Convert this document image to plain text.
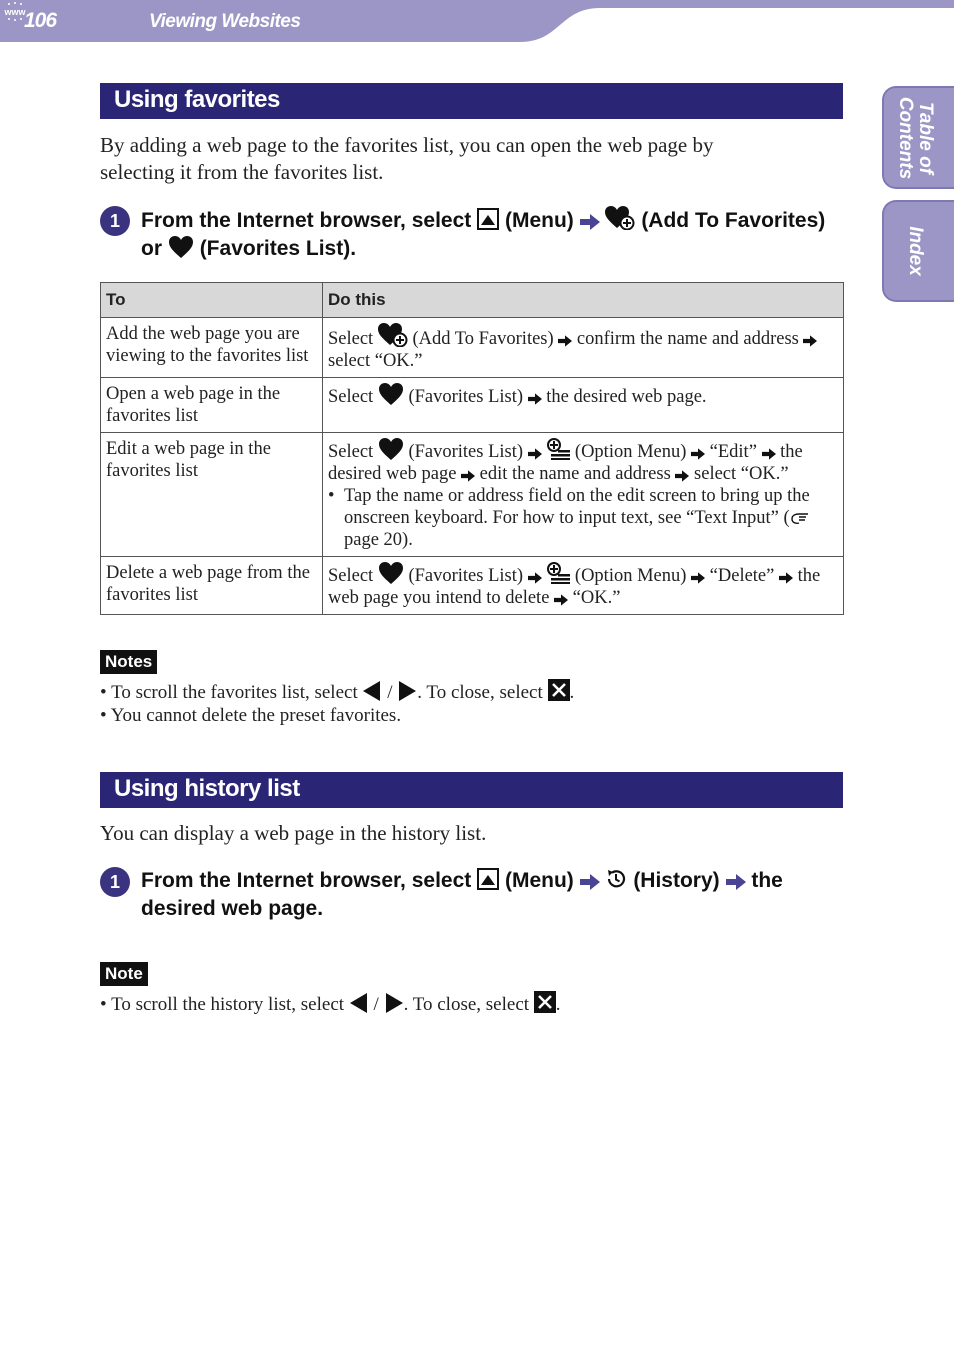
106
www	Viewing Websites
Table of
Contents
Index
Using favorites
By adding a web page to the favorites list, you can open the web page by
selecting it from the favorites list.
1	From the Internet browser, select (Menu)	(Add To Favorites)
or (Favorites List).
To	Do this
Add the web page you are viewing to the favorites list	Select (Add To Favorites) confirm the name and address  select “OK.”
Open a web page in the favorites list	Select (Favorites List) the desired web page.
Edit a web page in the favorites list	Select (Favorites List) (Option Menu) “Edit” the desired web page edit the name and address select “OK.”
• Tap the name or address field on the edit screen to bring up the onscreen keyboard. For how to input text, see “Text Input” (page 20).

Delete a web page from the favorites list	Select (Favorites List) (Option Menu) “Delete” the web page you intend to delete “OK.”
Notes
• To scroll the favorites list, select / . To close, select .
• You cannot delete the preset favorites.
Using history list
You can display a web page in the history list.
1	From the Internet browser, select (Menu)	(History) the desired web page.
Note
• To scroll the history list, select / . To close, select .
